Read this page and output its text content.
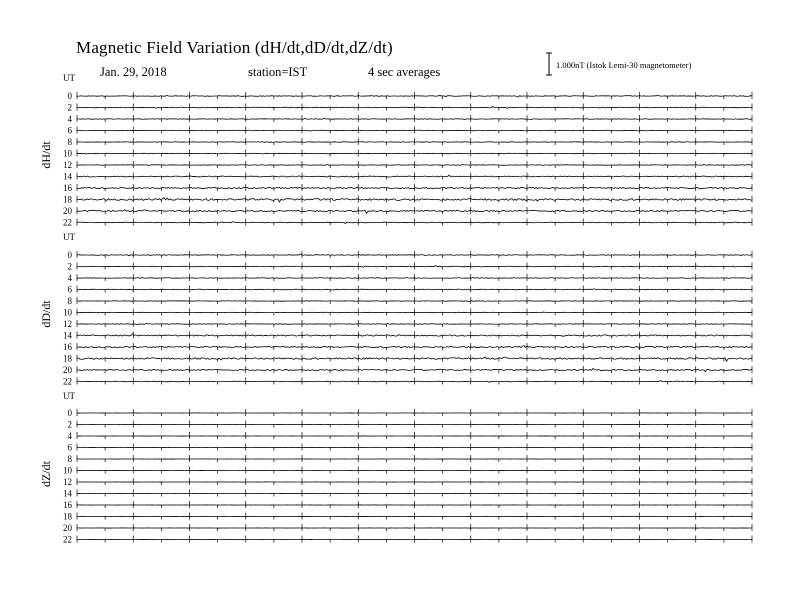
Magnetic Field Variation (dH/dt,dD/dt,dZ/dt)
Jan. 29, 2018	station=IST	4 sec averages	1.000nT (Istok Lemi-30 magnetometer)
UT
dH/dt
0
2
4
6
8
10
12
14
16
18
20
22
UT
dD/dt
0
2
4
6
8
10
12
14
16
18
20
22
UT
dZ/dt
0
2
4
6
8
10
12
14
16
18
20
22
